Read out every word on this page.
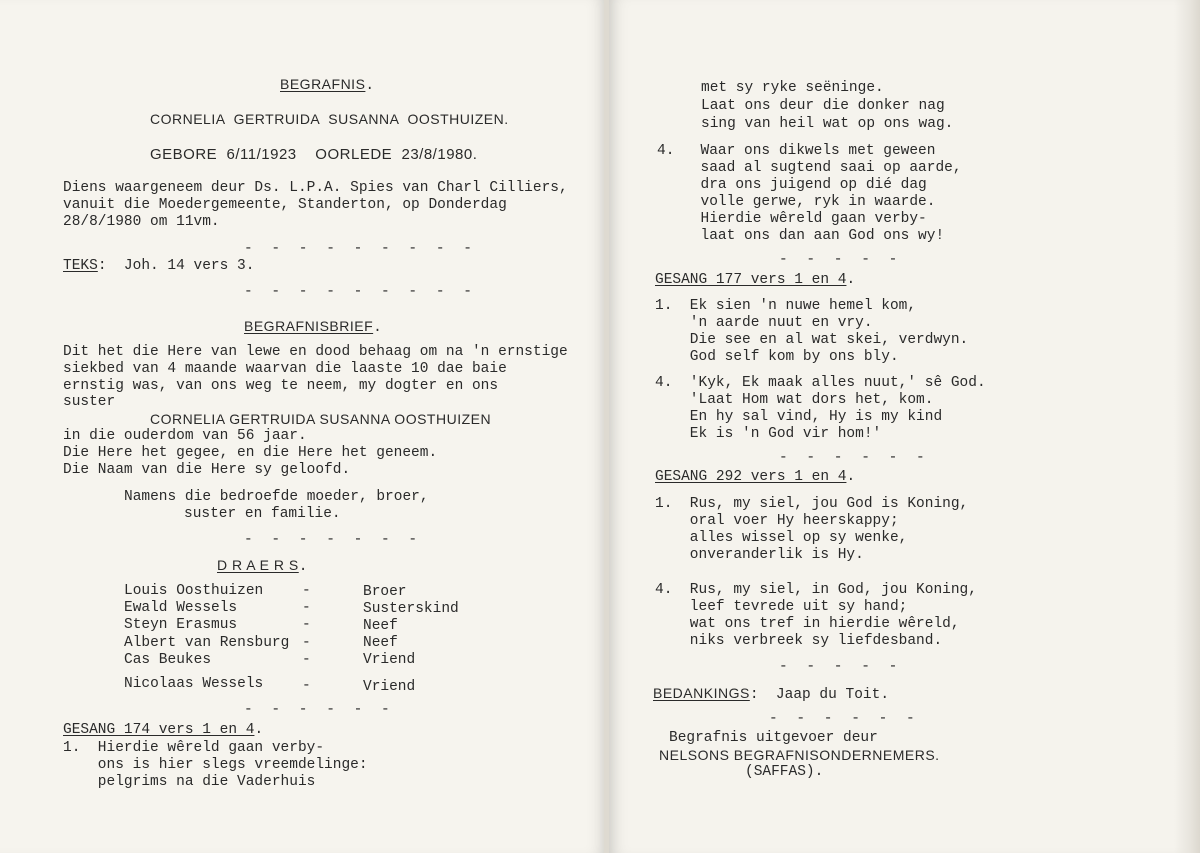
BEGRAFNIS.
CORNELIA  GERTRUIDA  SUSANNA  OOSTHUIZEN.
GEBORE  6/11/1923    OORLEDE  23/8/1980.
Diens waargeneem deur Ds. L.P.A. Spies van Charl Cilliers,
vanuit die Moedergemeente, Standerton, op Donderdag
28/8/1980 om 11vm.
- - - - - - - - -
TEKS: Joh. 14 vers 3.
- - - - - - - - -
BEGRAFNISBRIEF.
Dit het die Here van lewe en dood behaag om na 'n ernstige
siekbed van 4 maande waarvan die laaste 10 dae baie
ernstig was, van ons weg te neem, my dogter en ons
suster
CORNELIA GERTRUIDA SUSANNA OOSTHUIZEN
in die ouderdom van 56 jaar.
Die Here het gegee, en die Here het geneem.
Die Naam van die Here sy geloofd.
Namens die bedroefde moeder, broer,
suster en familie.
- - - - - - -
D R A E R S.
Louis Oosthuizen	-	Broer
Ewald Wessels	-	Susterskind
Steyn Erasmus	-	Neef
Albert van Rensburg -	Neef
Cas Beukes	-	Vriend
Nicolaas Wessels	-	Vriend
- - - - - -
GESANG 174 vers 1 en 4.
1.  Hierdie wêreld gaan verby-
ons is hier slegs vreemdelinge:
pelgrims na die Vaderhuis
met sy ryke seëninge.
Laat ons deur die donker nag
sing van heil wat op ons wag.
4.   Waar ons dikwels met geween
saad al sugtend saai op aarde,
dra ons juigend op dié dag
volle gerwe, ryk in waarde.
Hierdie wêreld gaan verby-
laat ons dan aan God ons wy!
- - - - -
GESANG 177 vers 1 en 4.
1.  Ek sien 'n nuwe hemel kom,
'n aarde nuut en vry.
Die see en al wat skei, verdwyn.
God self kom by ons bly.
4.  'Kyk, Ek maak alles nuut,' sê God.
'Laat Hom wat dors het, kom.
En hy sal vind, Hy is my kind
Ek is 'n God vir hom!'
- - - - - -
GESANG 292 vers 1 en 4.
1.  Rus, my siel, jou God is Koning,
oral voer Hy heerskappy;
alles wissel op sy wenke,
onveranderlik is Hy.
4.  Rus, my siel, in God, jou Koning,
leef tevrede uit sy hand;
wat ons tref in hierdie wêreld,
niks verbreek sy liefdesband.
- - - - -
BEDANKINGS: Jaap du Toit.
- - - - - -
Begrafnis uitgevoer deur
NELSONS BEGRAFNISONDERNEMERS.
(SAFFAS).
